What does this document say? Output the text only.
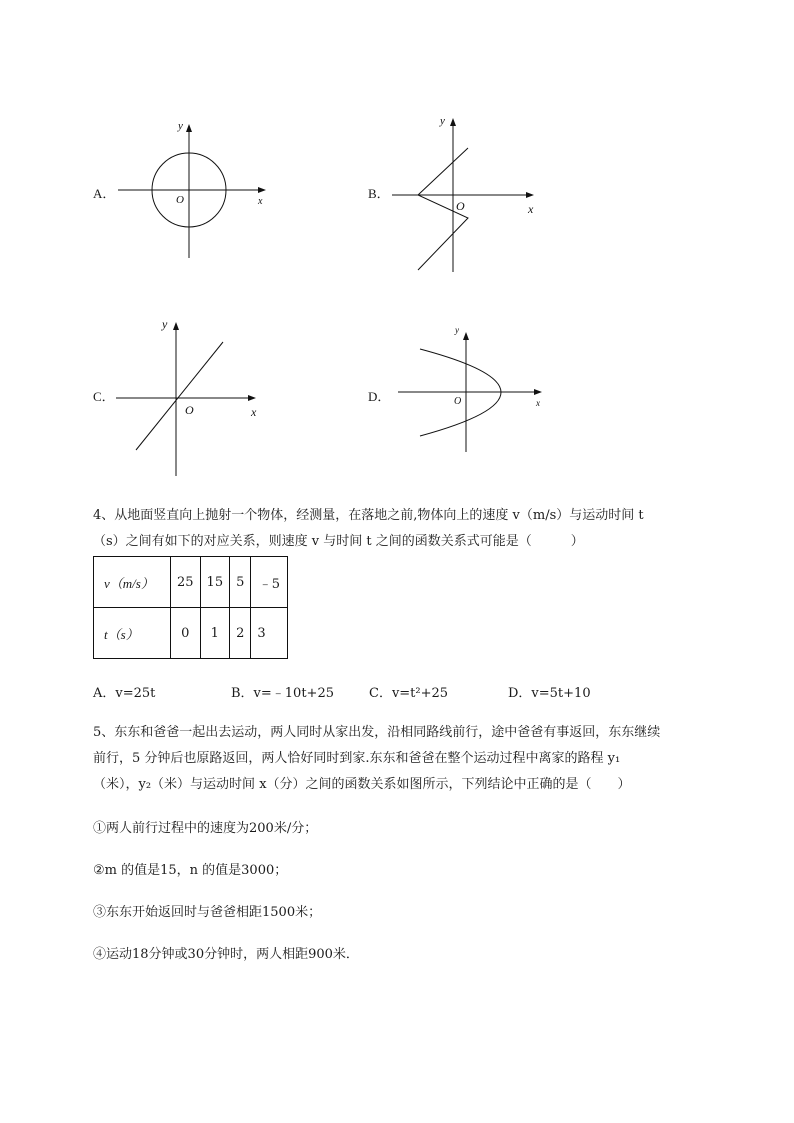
A．
y
x
O	B．
y
x
O
C．
y
x
O
D．
y
x
O
4、从地面竖直向上抛射一个物体，经测量，在落地之前,物体向上的速度 v（m/s）与运动时间 t
（s）之间有如下的对应关系，则速度 v 与时间 t 之间的函数关系式可能是（　　　）
v（m/s）	25	15	5	﹣5
t（s）	0	1	2	3
A．v=25t	B．v=﹣10t+25	C．v=t²+25	D．v=5t+10
5、东东和爸爸一起出去运动，两人同时从家出发，沿相同路线前行，途中爸爸有事返回，东东继续
前行，5 分钟后也原路返回，两人恰好同时到家.东东和爸爸在整个运动过程中离家的路程 y₁
（米），y₂（米）与运动时间 x（分）之间的函数关系如图所示，下列结论中正确的是（　　）
①两人前行过程中的速度为200米/分；
②m 的值是15，n 的值是3000；
③东东开始返回时与爸爸相距1500米；
④运动18分钟或30分钟时，两人相距900米．
